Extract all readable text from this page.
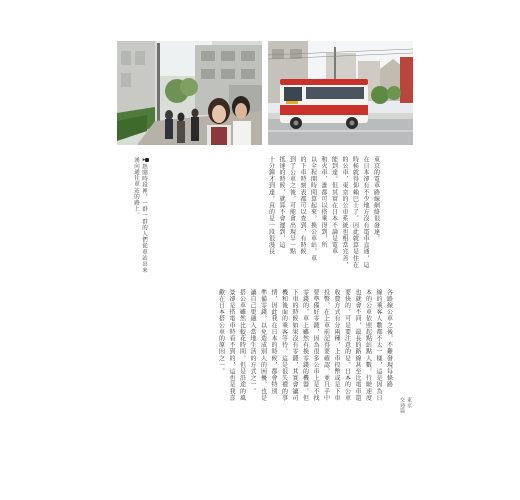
▸熱鬧時段裡，一群一群的人們從車站出來
湧向通往車站的路上。	東京的電車路線網絡很發達，
在日本卻有不少地方沒有電車直通，這
時候就得仰賴巴士了。因此就算是住在
的公車，東京的公車系統也相當完善，
能到達。但其實在日本不論是電車
和火車，誰都可以搭乘得到，所
以全程開時間算起來，換公車站，車
的下車時刻表都可以查到，有時候
到了公車之後，可能會出現早一點
抵達的時候，就算不會遲到，這
十分鐘才到達，真的是一段很漫長
各路線公車之後，不難發現每條路
線的乘客人數都不太一樣，這是因為日
本的公車依照起點站點人數，行駛速度
也就會不同，最長的路線甚至比電車還
要快的。可是要注意的是，日本的公車
收費方式有分兩種，上車投幣或是下車
投幣，在上車前記得要確認，並且手中
要準備好零錢，因為很多公車上是不找
零錢的，車上雖然有換零錢的機器，但
下車的時候如果沒有零錢，其實會讓司
機和後面的乘客等待，這是很失禮的事
情，因此我在日本的時候，都會特別
準備零錢，以免造成別人的困擾，也是
讓自己更融入當地生活的方式之一。
搭公車雖然比較花時間，但是沿途的風
景卻是搭電車時看不到的，這也是我喜
歡在日本搭公車的原因之一。
東京
交通篇
